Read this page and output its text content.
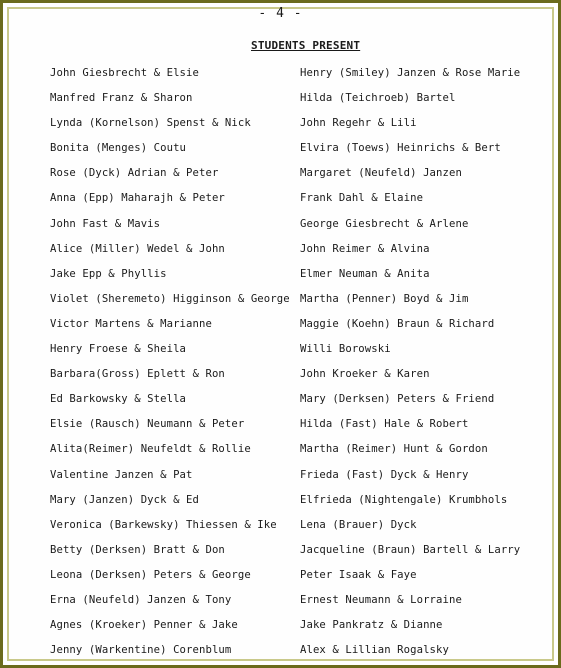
- 4 -
STUDENTS PRESENT
John Giesbrecht & Elsie
Manfred Franz & Sharon
Lynda (Kornelson) Spenst & Nick
Bonita (Menges) Coutu
Rose (Dyck) Adrian & Peter
Anna (Epp) Maharajh & Peter
John Fast & Mavis
Alice (Miller) Wedel & John
Jake Epp & Phyllis
Violet (Sheremeto) Higginson & George
Victor Martens & Marianne
Henry Froese & Sheila
Barbara(Gross) Eplett & Ron
Ed Barkowsky & Stella
Elsie (Rausch) Neumann & Peter
Alita(Reimer) Neufeldt & Rollie
Valentine Janzen & Pat
Mary (Janzen) Dyck & Ed
Veronica (Barkewsky) Thiessen & Ike
Betty (Derksen) Bratt & Don
Leona (Derksen) Peters & George
Erna (Neufeld) Janzen & Tony
Agnes (Kroeker) Penner & Jake
Jenny (Warkentine) Corenblum
Henry (Smiley) Janzen & Rose Marie
Hilda (Teichroeb) Bartel
John Regehr & Lili
Elvira (Toews) Heinrichs & Bert
Margaret (Neufeld) Janzen
Frank Dahl & Elaine
George Giesbrecht & Arlene
John Reimer & Alvina
Elmer Neuman & Anita
Martha (Penner) Boyd & Jim
Maggie (Koehn) Braun & Richard
Willi Borowski
John Kroeker & Karen
Mary (Derksen) Peters & Friend
Hilda (Fast) Hale & Robert
Martha (Reimer) Hunt & Gordon
Frieda (Fast) Dyck & Henry
Elfrieda (Nightengale) Krumbhols
Lena (Brauer) Dyck
Jacqueline (Braun) Bartell & Larry
Peter Isaak & Faye
Ernest Neumann & Lorraine
Jake Pankratz & Dianne
Alex & Lillian Rogalsky
